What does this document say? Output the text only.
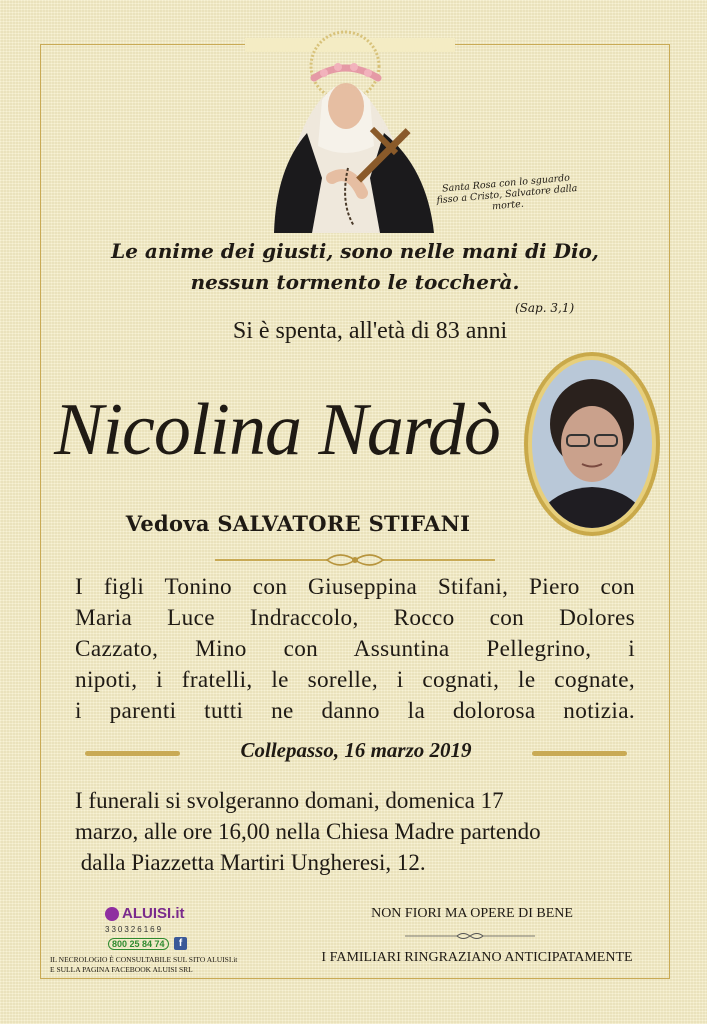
Santa Rosa con lo sguardo fisso a Cristo, Salvatore dalla morte.
Le anime dei giusti, sono nelle mani di Dio,
nessun tormento le toccherà.
(Sap. 3,1)
Si è spenta, all'età di 83 anni
Nicolina Nardò
Vedova SALVATORE STIFANI
I figli Tonino con Giuseppina Stifani, Piero con
Maria Luce Indraccolo, Rocco con Dolores
Cazzato, Mino con Assuntina Pellegrino, i
nipoti, i fratelli, le sorelle, i cognati, le cognate,
i parenti tutti ne danno la dolorosa notizia.
Collepasso, 16 marzo 2019
I funerali si svolgeranno domani, domenica 17
marzo, alle ore 16,00 nella Chiesa Madre partendo
dalla Piazzetta Martiri Ungheresi, 12.
ALUISI.it
330326169
800 25 84 74	f
IL NECROLOGIO È CONSULTABILE SUL SITO ALUISI.it
E SULLA PAGINA FACEBOOK ALUISI SRL
NON FIORI MA OPERE DI BENE
I FAMILIARI RINGRAZIANO ANTICIPATAMENTE
